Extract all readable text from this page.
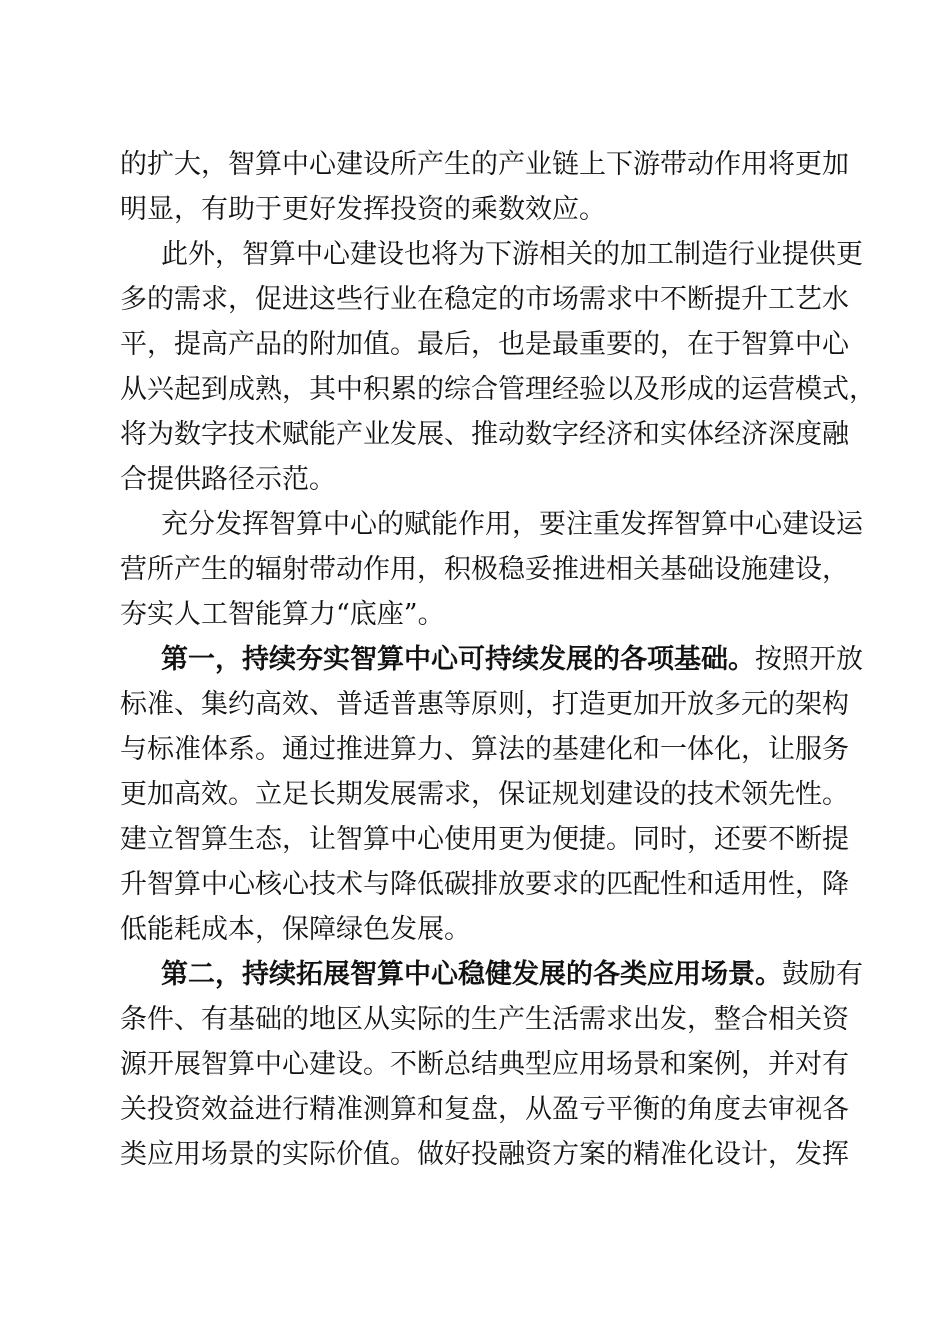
的扩大，智算中心建设所产生的产业链上下游带动作用将更加
明显，有助于更好发挥投资的乘数效应。
此外，智算中心建设也将为下游相关的加工制造行业提供更
多的需求，促进这些行业在稳定的市场需求中不断提升工艺水
平，提高产品的附加值。最后，也是最重要的，在于智算中心
从兴起到成熟，其中积累的综合管理经验以及形成的运营模式，
将为数字技术赋能产业发展、推动数字经济和实体经济深度融
合提供路径示范。
充分发挥智算中心的赋能作用，要注重发挥智算中心建设运
营所产生的辐射带动作用，积极稳妥推进相关基础设施建设，
夯实人工智能算力“底座”。
第一，持续夯实智算中心可持续发展的各项基础。按照开放
标准、集约高效、普适普惠等原则，打造更加开放多元的架构
与标准体系。通过推进算力、算法的基建化和一体化，让服务
更加高效。立足长期发展需求，保证规划建设的技术领先性。
建立智算生态，让智算中心使用更为便捷。同时，还要不断提
升智算中心核心技术与降低碳排放要求的匹配性和适用性，降
低能耗成本，保障绿色发展。
第二，持续拓展智算中心稳健发展的各类应用场景。鼓励有
条件、有基础的地区从实际的生产生活需求出发，整合相关资
源开展智算中心建设。不断总结典型应用场景和案例，并对有
关投资效益进行精准测算和复盘，从盈亏平衡的角度去审视各
类应用场景的实际价值。做好投融资方案的精准化设计，发挥
